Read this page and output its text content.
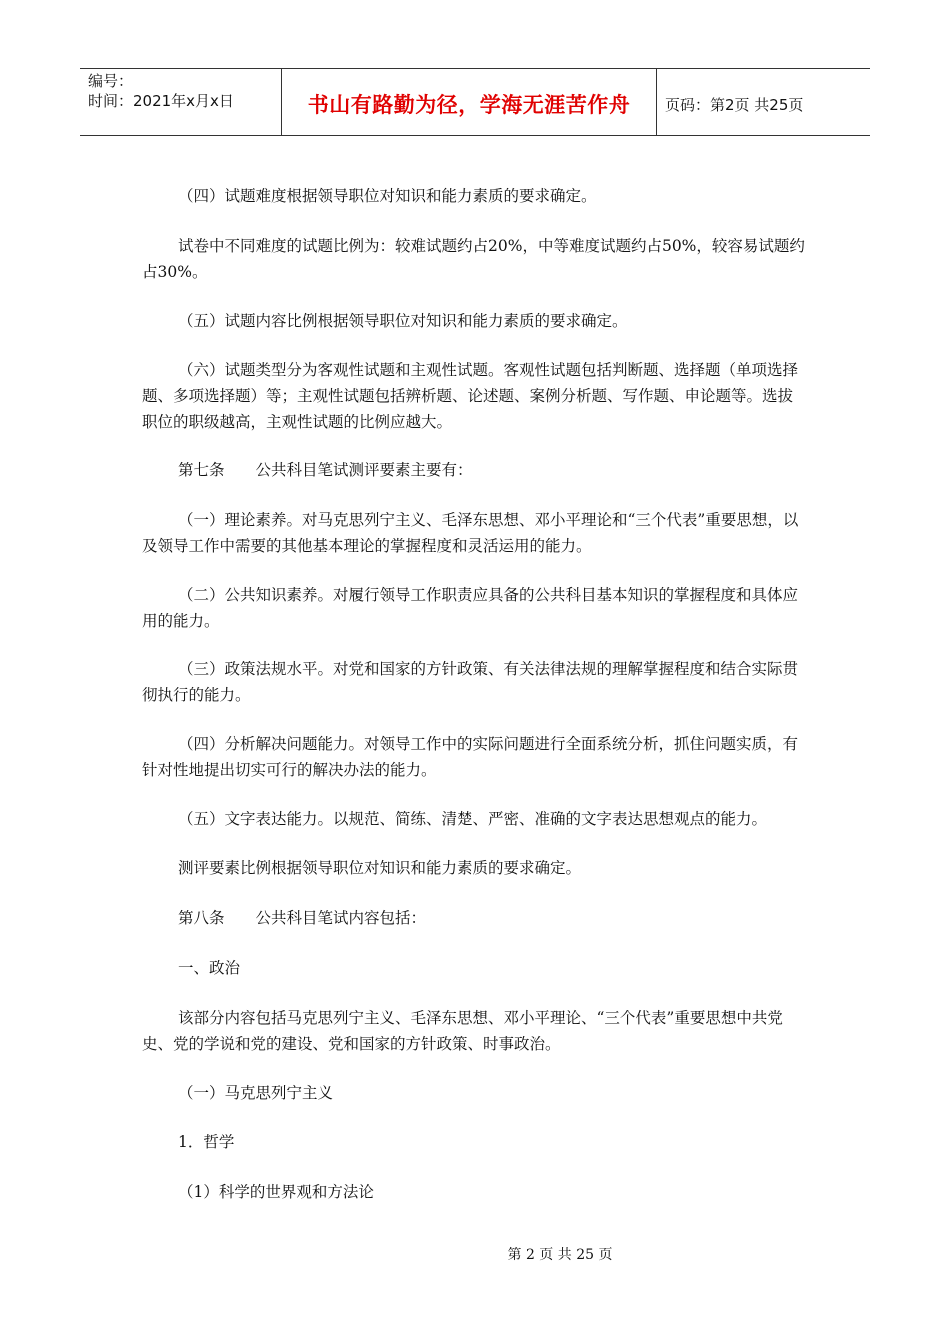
编号：
时间：2021年x月x日	书山有路勤为径，学海无涯苦作舟	页码：第2页 共25页

（四）试题难度根据领导职位对知识和能力素质的要求确定。

试卷中不同难度的试题比例为：较难试题约占20%，中等难度试题约占50%，较容易试题约占30%。

（五）试题内容比例根据领导职位对知识和能力素质的要求确定。

（六）试题类型分为客观性试题和主观性试题。客观性试题包括判断题、选择题（单项选择题、多项选择题）等；主观性试题包括辨析题、论述题、案例分析题、写作题、申论题等。选拔职位的职级越高，主观性试题的比例应越大。

第七条　　公共科目笔试测评要素主要有：

（一）理论素养。对马克思列宁主义、毛泽东思想、邓小平理论和“三个代表”重要思想，以及领导工作中需要的其他基本理论的掌握程度和灵活运用的能力。

（二）公共知识素养。对履行领导工作职责应具备的公共科目基本知识的掌握程度和具体应用的能力。

（三）政策法规水平。对党和国家的方针政策、有关法律法规的理解掌握程度和结合实际贯彻执行的能力。

（四）分析解决问题能力。对领导工作中的实际问题进行全面系统分析，抓住问题实质，有针对性地提出切实可行的解决办法的能力。

（五）文字表达能力。以规范、简练、清楚、严密、准确的文字表达思想观点的能力。

测评要素比例根据领导职位对知识和能力素质的要求确定。

第八条　　公共科目笔试内容包括：

一、政治

该部分内容包括马克思列宁主义、毛泽东思想、邓小平理论、“三个代表”重要思想中共党史、党的学说和党的建设、党和国家的方针政策、时事政治。

（一）马克思列宁主义

1．哲学

（1）科学的世界观和方法论

第 2 页 共 25 页
